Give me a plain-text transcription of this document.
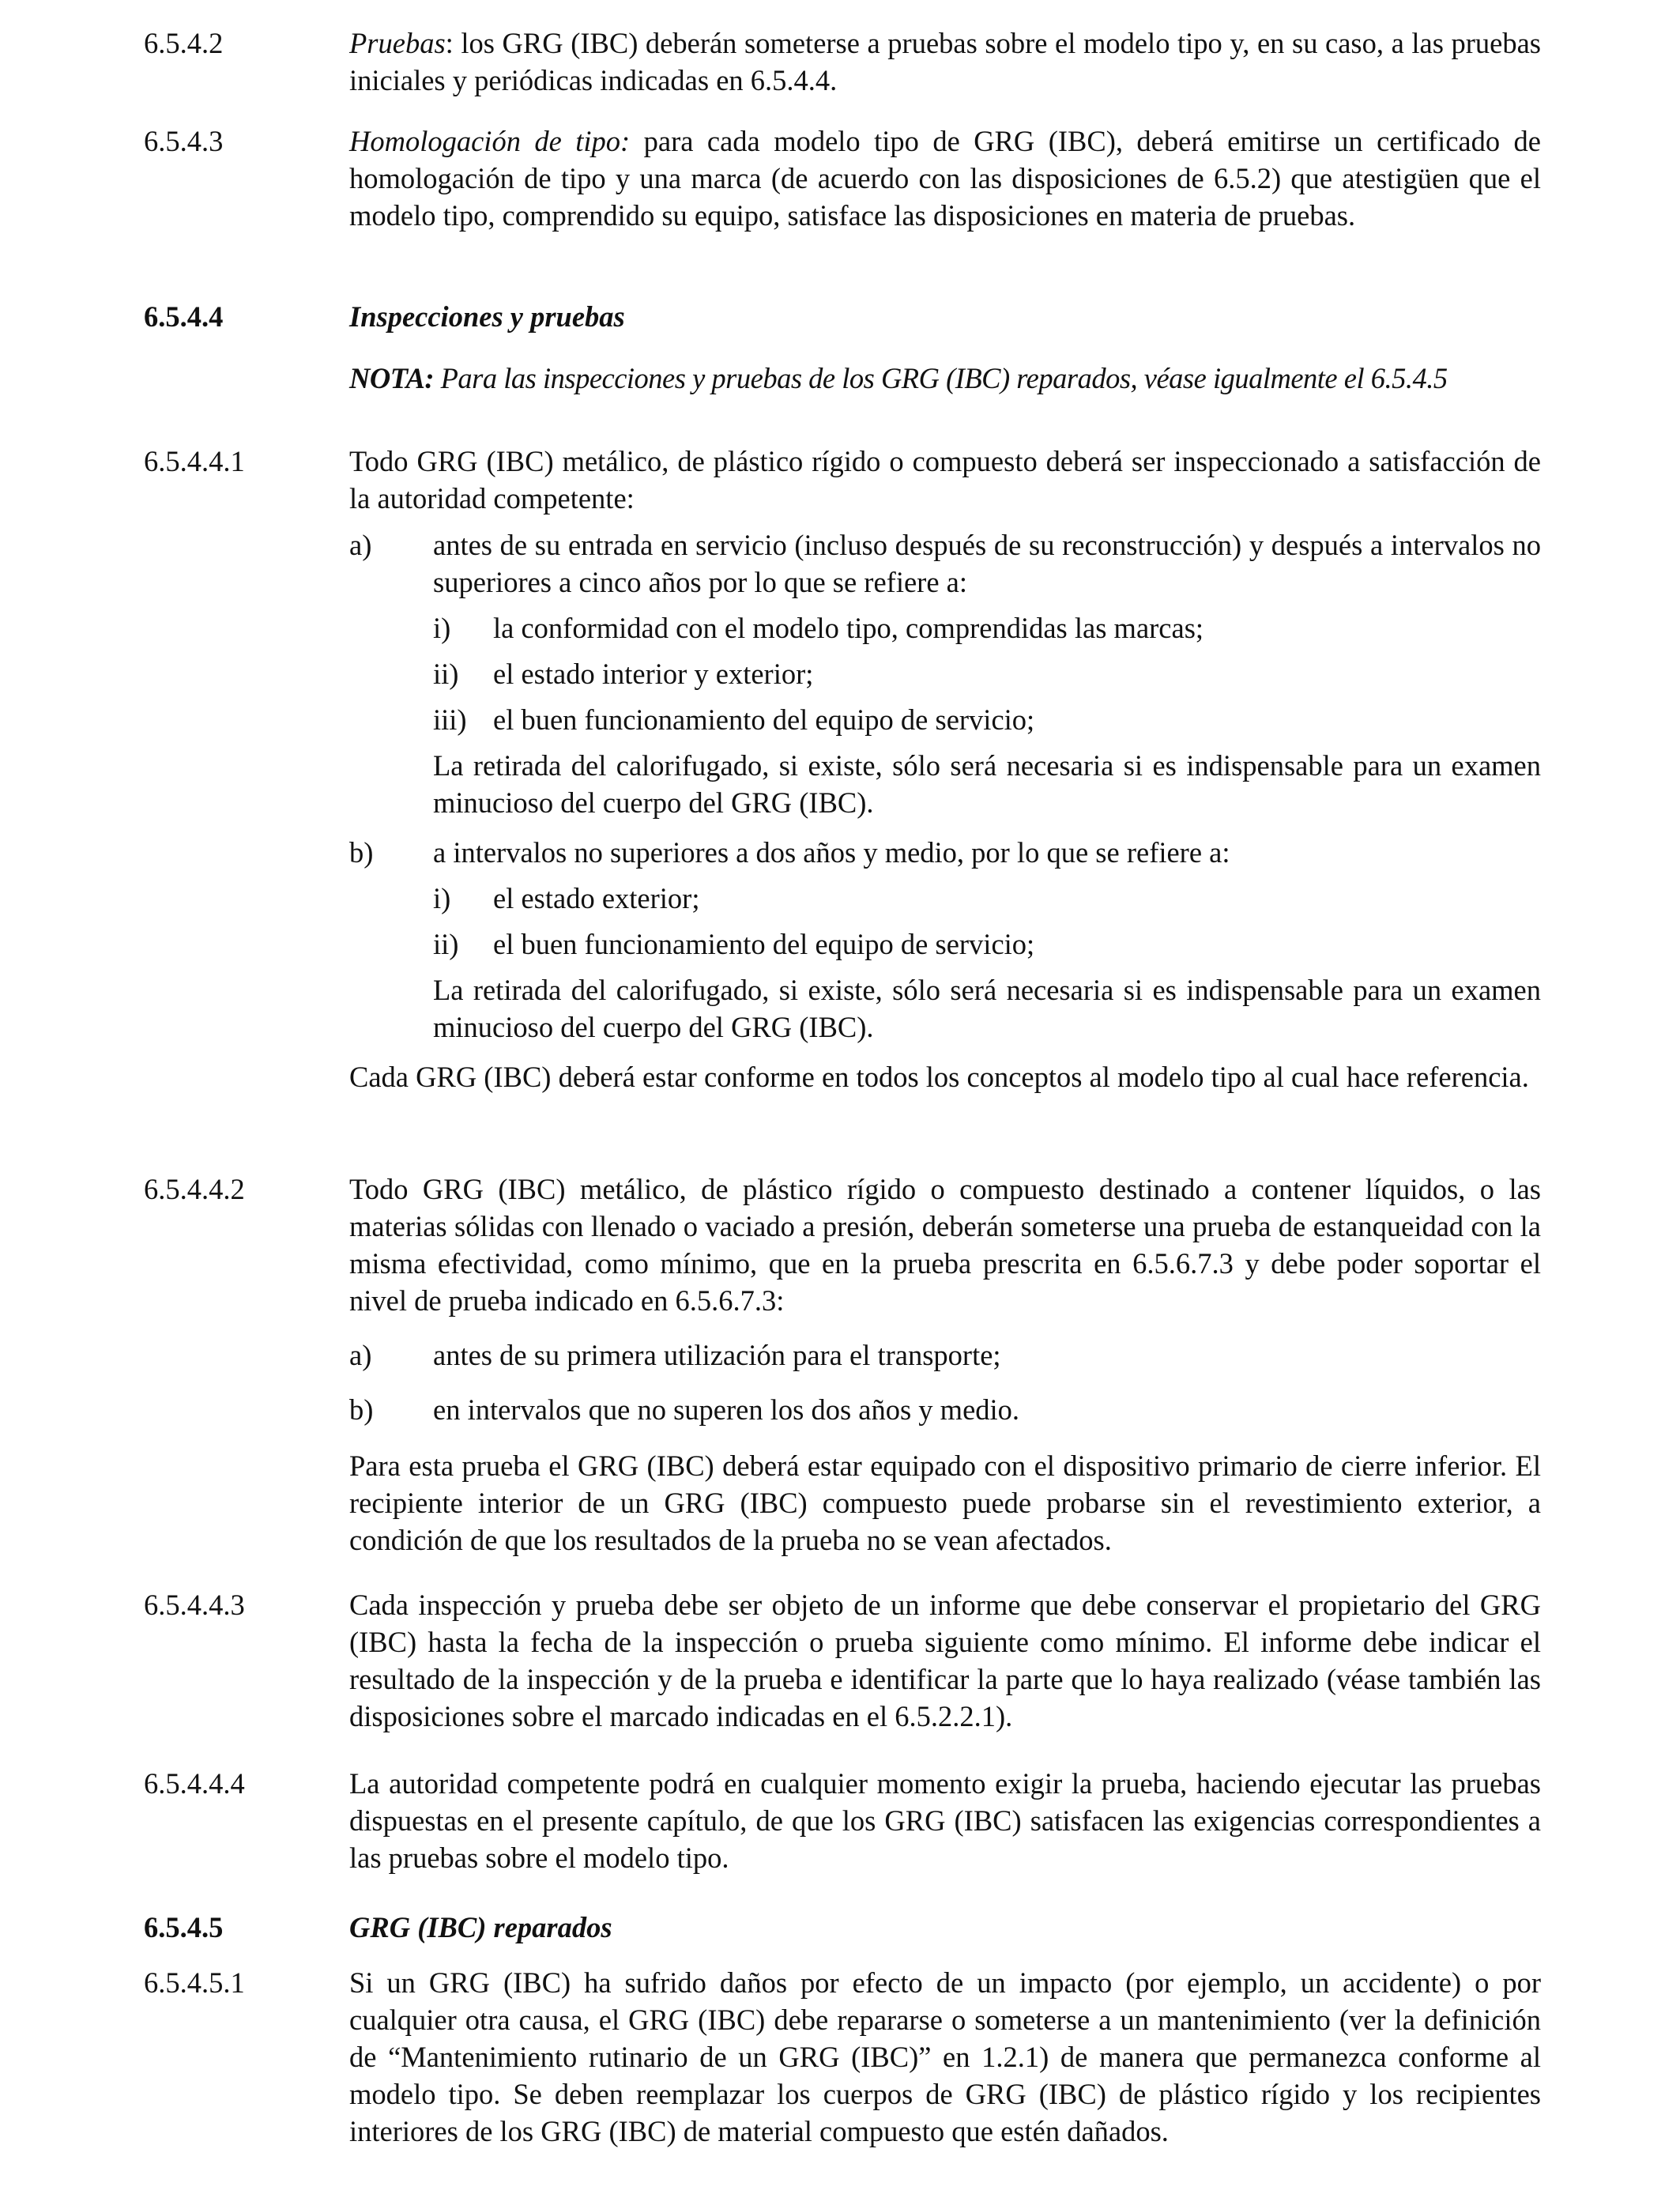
6.5.4.2	Pruebas: los GRG (IBC) deberán someterse a pruebas sobre el modelo tipo y, en su caso, a las pruebas iniciales y periódicas indicadas en 6.5.4.4.

6.5.4.3	Homologación de tipo: para cada modelo tipo de GRG (IBC), deberá emitirse un certificado de homologación de tipo y una marca (de acuerdo con las disposiciones de 6.5.2) que atestigüen que el modelo tipo, comprendido su equipo, satisface las disposiciones en materia de pruebas.

6.5.4.4	Inspecciones y pruebas

NOTA: Para las inspecciones y pruebas de los GRG (IBC) reparados, véase igualmente el 6.5.4.5

6.5.4.4.1	Todo GRG (IBC) metálico, de plástico rígido o compuesto deberá ser inspeccionado a satisfacción de la autoridad competente:

a) antes de su entrada en servicio (incluso después de su reconstrucción) y después a intervalos no superiores a cinco años por lo que se refiere a:

i) la conformidad con el modelo tipo, comprendidas las marcas;

ii) el estado interior y exterior;

iii) el buen funcionamiento del equipo de servicio;

La retirada del calorifugado, si existe, sólo será necesaria si es indispensable para un examen minucioso del cuerpo del GRG (IBC).

b) a intervalos no superiores a dos años y medio, por lo que se refiere a:

i) el estado exterior;

ii) el buen funcionamiento del equipo de servicio;

La retirada del calorifugado, si existe, sólo será necesaria si es indispensable para un examen minucioso del cuerpo del GRG (IBC).

Cada GRG (IBC) deberá estar conforme en todos los conceptos al modelo tipo al cual hace referencia.

6.5.4.4.2	Todo GRG (IBC) metálico, de plástico rígido o compuesto destinado a contener líquidos, o las materias sólidas con llenado o vaciado a presión, deberán someterse una prueba de estanqueidad con la misma efectividad, como mínimo, que en la prueba prescrita en 6.5.6.7.3 y debe poder soportar el nivel de prueba indicado en 6.5.6.7.3:

a) antes de su primera utilización para el transporte;

b) en intervalos que no superen los dos años y medio.

Para esta prueba el GRG (IBC) deberá estar equipado con el dispositivo primario de cierre inferior. El recipiente interior de un GRG (IBC) compuesto puede probarse sin el revestimiento exterior, a condición de que los resultados de la prueba no se vean afectados.

6.5.4.4.3	Cada inspección y prueba debe ser objeto de un informe que debe conservar el propietario del GRG (IBC) hasta la fecha de la inspección o prueba siguiente como mínimo. El informe debe indicar el resultado de la inspección y de la prueba e identificar la parte que lo haya realizado (véase también las disposiciones sobre el marcado indicadas en el 6.5.2.2.1).

6.5.4.4.4	La autoridad competente podrá en cualquier momento exigir la prueba, haciendo ejecutar las pruebas dispuestas en el presente capítulo, de que los GRG (IBC) satisfacen las exigencias correspondientes a las pruebas sobre el modelo tipo.

6.5.4.5	GRG (IBC) reparados

6.5.4.5.1	Si un GRG (IBC) ha sufrido daños por efecto de un impacto (por ejemplo, un accidente) o por cualquier otra causa, el GRG (IBC) debe repararse o someterse a un mantenimiento (ver la definición de “Mantenimiento rutinario de un GRG (IBC)” en 1.2.1) de manera que permanezca conforme al modelo tipo. Se deben reemplazar los cuerpos de GRG (IBC) de plástico rígido y los recipientes interiores de los GRG (IBC) de material compuesto que estén dañados.
